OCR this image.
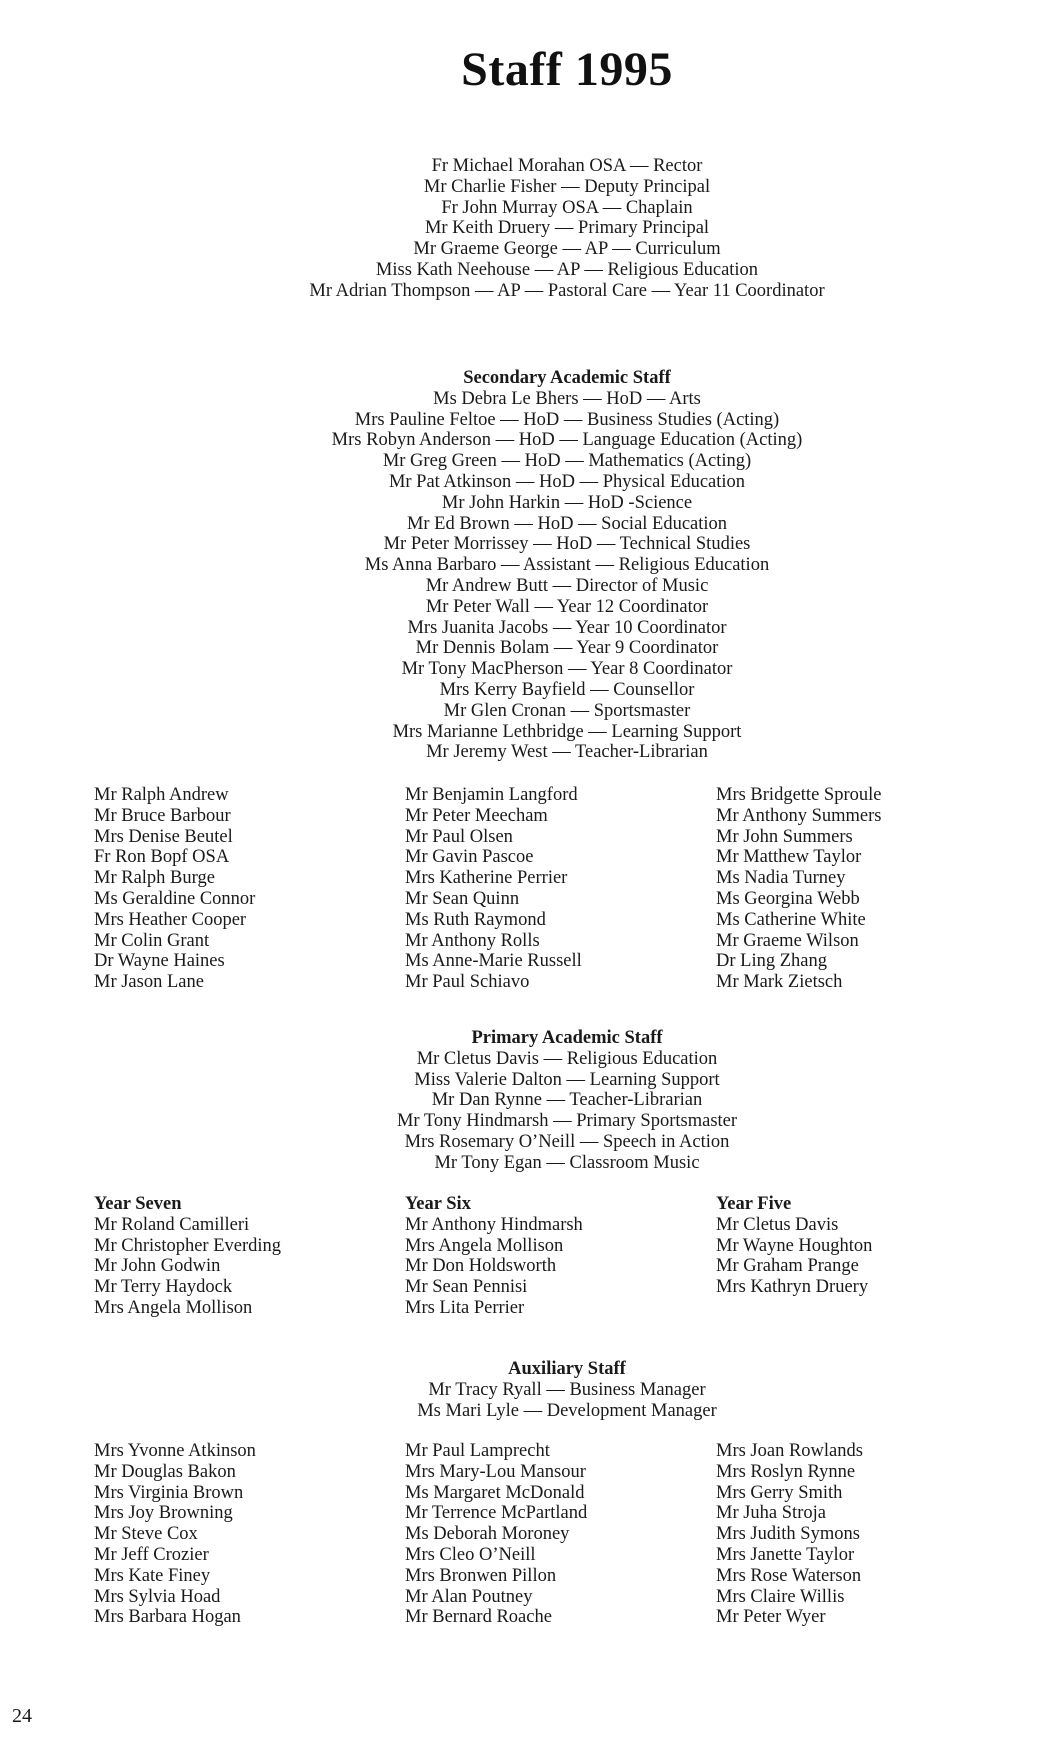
Staff 1995
Fr Michael Morahan OSA — Rector
Mr Charlie Fisher — Deputy Principal
Fr John Murray OSA — Chaplain
Mr Keith Druery — Primary Principal
Mr Graeme George — AP — Curriculum
Miss Kath Neehouse — AP — Religious Education
Mr Adrian Thompson — AP — Pastoral Care — Year 11 Coordinator
Secondary Academic Staff
Ms Debra Le Bhers — HoD — Arts
Mrs Pauline Feltoe — HoD — Business Studies (Acting)
Mrs Robyn Anderson — HoD — Language Education (Acting)
Mr Greg Green — HoD — Mathematics (Acting)
Mr Pat Atkinson — HoD — Physical Education
Mr John Harkin — HoD -Science
Mr Ed Brown — HoD — Social Education
Mr Peter Morrissey — HoD — Technical Studies
Ms Anna Barbaro — Assistant — Religious Education
Mr Andrew Butt — Director of Music
Mr Peter Wall — Year 12 Coordinator
Mrs Juanita Jacobs — Year 10 Coordinator
Mr Dennis Bolam — Year 9 Coordinator
Mr Tony MacPherson — Year 8 Coordinator
Mrs Kerry Bayfield — Counsellor
Mr Glen Cronan — Sportsmaster
Mrs Marianne Lethbridge — Learning Support
Mr Jeremy West — Teacher-Librarian
Mr Ralph Andrew
Mr Bruce Barbour
Mrs Denise Beutel
Fr Ron Bopf OSA
Mr Ralph Burge
Ms Geraldine Connor
Mrs Heather Cooper
Mr Colin Grant
Dr Wayne Haines
Mr Jason Lane
Mr Benjamin Langford
Mr Peter Meecham
Mr Paul Olsen
Mr Gavin Pascoe
Mrs Katherine Perrier
Mr Sean Quinn
Ms Ruth Raymond
Mr Anthony Rolls
Ms Anne-Marie Russell
Mr Paul Schiavo
Mrs Bridgette Sproule
Mr Anthony Summers
Mr John Summers
Mr Matthew Taylor
Ms Nadia Turney
Ms Georgina Webb
Ms Catherine White
Mr Graeme Wilson
Dr Ling Zhang
Mr Mark Zietsch
Primary Academic Staff
Mr Cletus Davis — Religious Education
Miss Valerie Dalton — Learning Support
Mr Dan Rynne — Teacher-Librarian
Mr Tony Hindmarsh — Primary Sportsmaster
Mrs Rosemary O’Neill — Speech in Action
Mr Tony Egan — Classroom Music
Year Seven
Mr Roland Camilleri
Mr Christopher Everding
Mr John Godwin
Mr Terry Haydock
Mrs Angela Mollison
Year Six
Mr Anthony Hindmarsh
Mrs Angela Mollison
Mr Don Holdsworth
Mr Sean Pennisi
Mrs Lita Perrier
Year Five
Mr Cletus Davis
Mr Wayne Houghton
Mr Graham Prange
Mrs Kathryn Druery
Auxiliary Staff
Mr Tracy Ryall — Business Manager
Ms Mari Lyle — Development Manager
Mrs Yvonne Atkinson
Mr Douglas Bakon
Mrs Virginia Brown
Mrs Joy Browning
Mr Steve Cox
Mr Jeff Crozier
Mrs Kate Finey
Mrs Sylvia Hoad
Mrs Barbara Hogan
Mr Paul Lamprecht
Mrs Mary-Lou Mansour
Ms Margaret McDonald
Mr Terrence McPartland
Ms Deborah Moroney
Mrs Cleo O’Neill
Mrs Bronwen Pillon
Mr Alan Poutney
Mr Bernard Roache
Mrs Joan Rowlands
Mrs Roslyn Rynne
Mrs Gerry Smith
Mr Juha Stroja
Mrs Judith Symons
Mrs Janette Taylor
Mrs Rose Waterson
Mrs Claire Willis
Mr Peter Wyer
24
